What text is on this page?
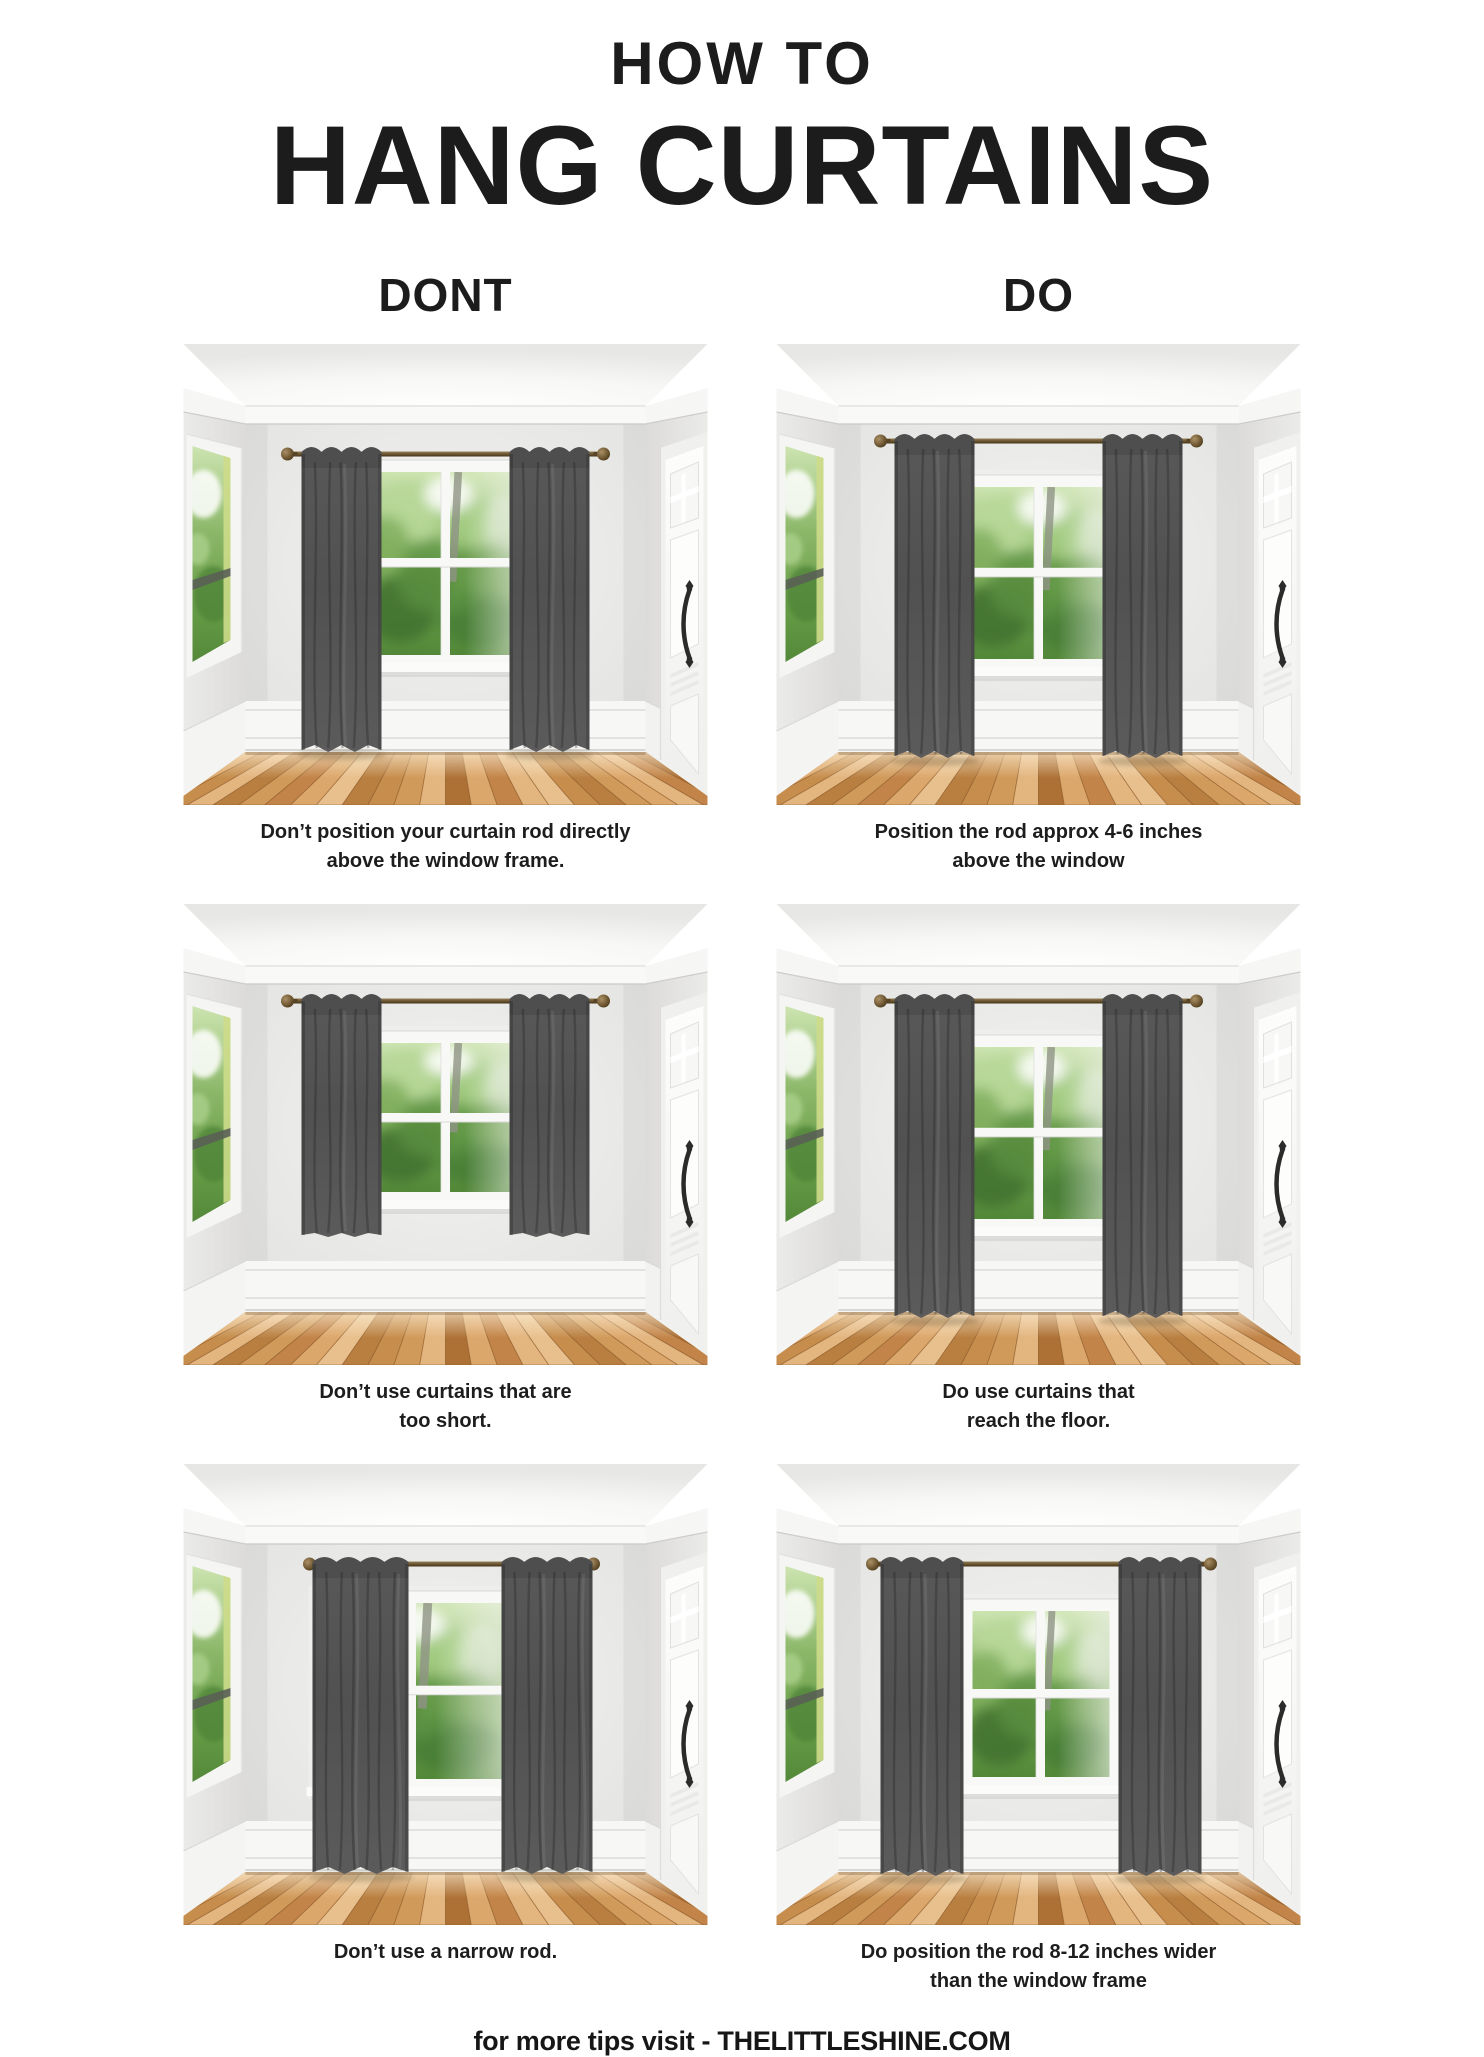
HOW TO
HANG CURTAINS
DONT	DO
Don’t position your curtain rod directly
above the window frame.
Position the rod approx 4-6 inches
above the window
Don’t use curtains that are
too short.
Do use curtains that
reach the floor.
Don’t use a narrow rod.	Do position the rod 8-12 inches wider
than the window frame
for more tips visit - THELITTLESHINE.COM
